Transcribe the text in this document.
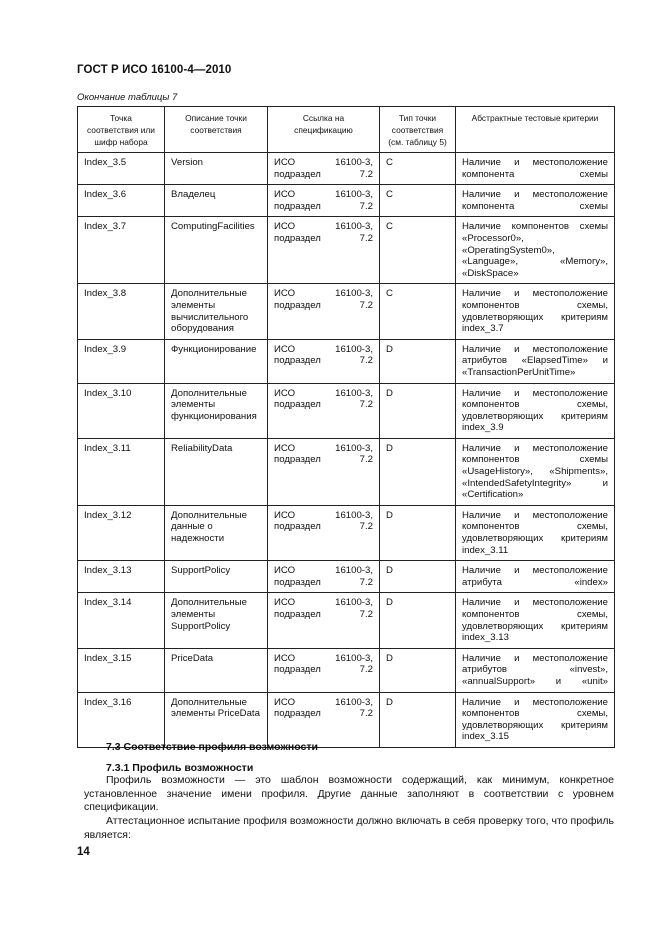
ГОСТ Р ИСО 16100-4—2010
Окончание таблицы 7
Точка соответствия или шифр набора	Описание точки соответствия	Ссылка на спецификацию	Тип точки соответствия (см. таблицу 5)	Абстрактные тестовые критерии
Index_3.5	Version	ИСО 16100-3, подраздел 7.2	C	Наличие и местоположение компонента схемы
Index_3.6	Владелец	ИСО 16100-3, подраздел 7.2	C	Наличие и местоположение компонента схемы
Index_3.7	ComputingFacilities	ИСО 16100-3, подраздел 7.2	C	Наличие компонентов схемы «Processor0», «OperatingSystem0», «Language», «Memory», «DiskSpace»
Index_3.8	Дополнительные элементы вычислительного оборудования	ИСО 16100-3, подраздел 7.2	C	Наличие и местоположение компонентов схемы, удовлетворяющих критериям index_3.7
Index_3.9	Функционирование	ИСО 16100-3, подраздел 7.2	D	Наличие и местоположение атрибутов «ElapsedTime» и «TransactionPerUnitTime»
Index_3.10	Дополнительные элементы функционирования	ИСО 16100-3, подраздел 7.2	D	Наличие и местоположение компонентов схемы, удовлетворяющих критериям index_3.9
Index_3.11	ReliabilityData	ИСО 16100-3, подраздел 7.2	D	Наличие и местоположение компонентов схемы «UsageHistory», «Shipments», «IntendedSafetyIntegrity» и «Certification»
Index_3.12	Дополнительные данные о надежности	ИСО 16100-3, подраздел 7.2	D	Наличие и местоположение компонентов схемы, удовлетворяющих критериям index_3.11
Index_3.13	SupportPolicy	ИСО 16100-3, подраздел 7.2	D	Наличие и местоположение атрибута «index»
Index_3.14	Дополнительные элементы SupportPolicy	ИСО 16100-3, подраздел 7.2	D	Наличие и местоположение компонентов схемы, удовлетворяющих критериям index_3.13
Index_3.15	PriceData	ИСО 16100-3, подраздел 7.2	D	Наличие и местоположение атрибутов «invest», «annualSupport» и «unit»
Index_3.16	Дополнительные элементы PriceData	ИСО 16100-3, подраздел 7.2	D	Наличие и местоположение компонентов схемы, удовлетворяющих критериям index_3.15
7.3 Соответствие профиля возможности
7.3.1 Профиль возможности
Профиль возможности — это шаблон возможности содержащий, как минимум, конкретное установленное значение имени профиля. Другие данные заполняют в соответствии с уровнем спецификации.
Аттестационное испытание профиля возможности должно включать в себя проверку того, что профиль является:
14
